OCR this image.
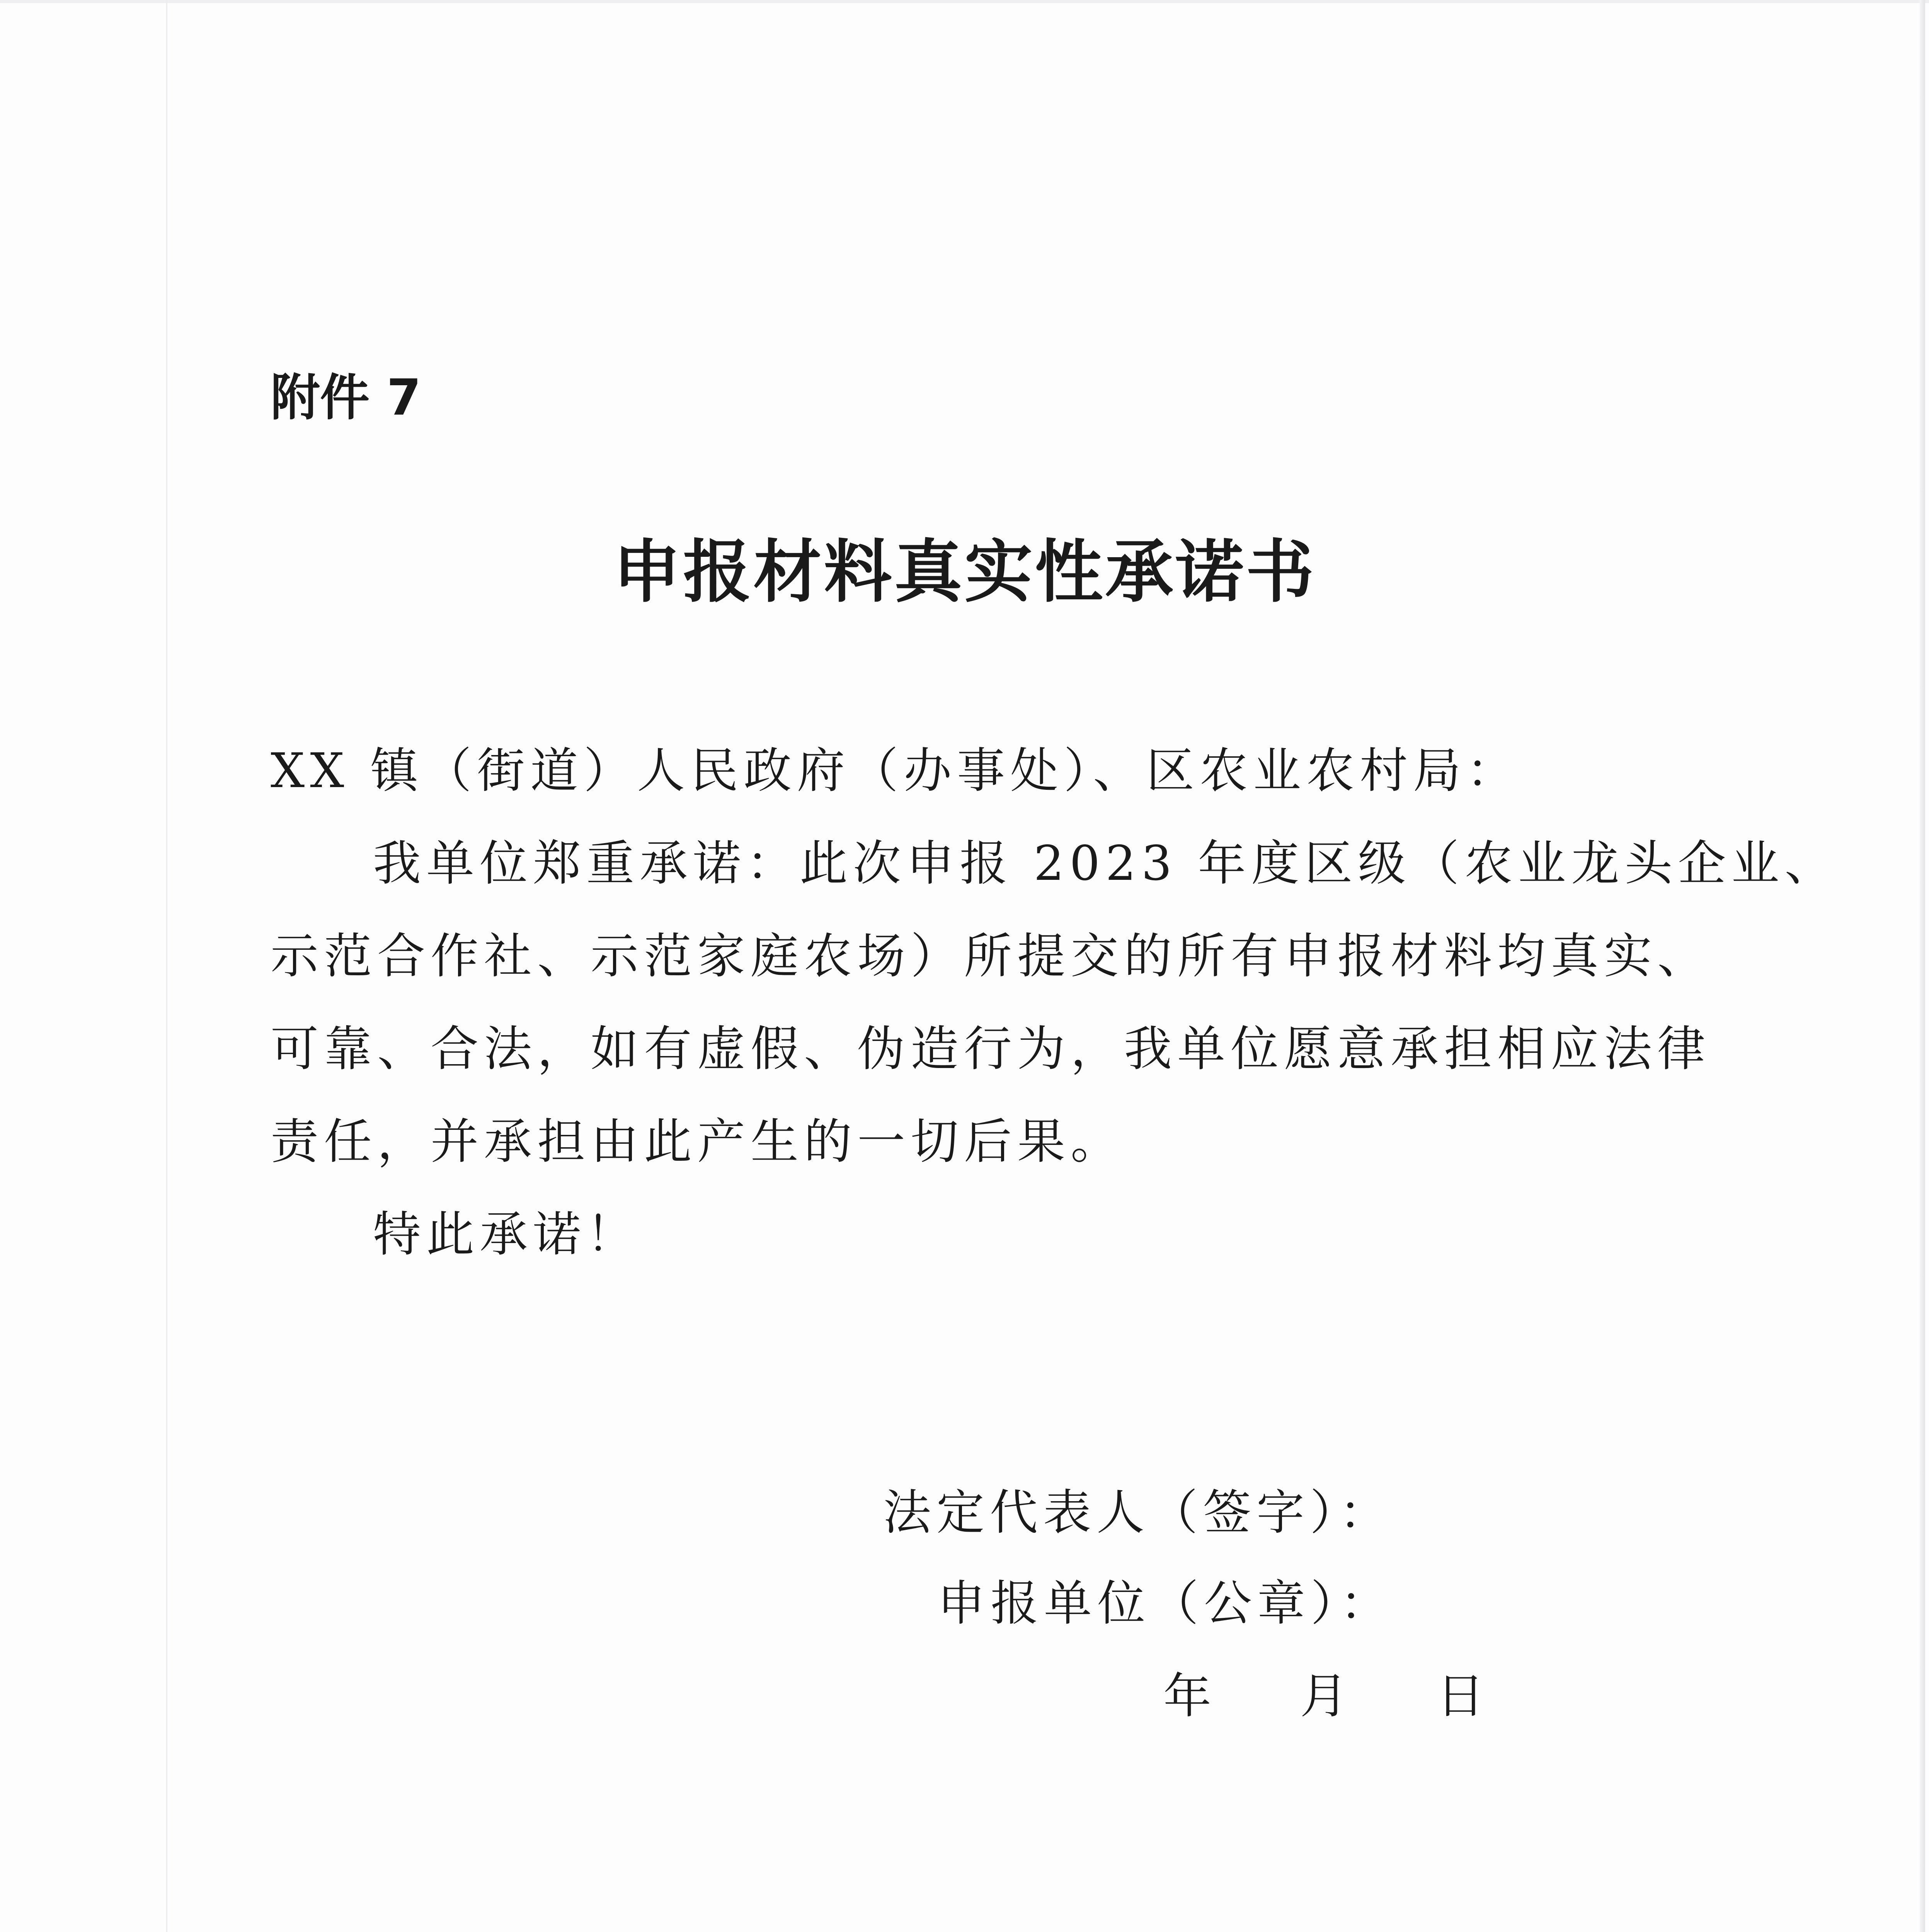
附件 7
申报材料真实性承诺书
XX 镇（街道）人民政府（办事处）、区农业农村局：
我单位郑重承诺：此次申报 2023 年度区级（农业龙头企业、
示范合作社、示范家庭农场）所提交的所有申报材料均真实、
可靠、合法，如有虚假、伪造行为，我单位愿意承担相应法律
责任，并承担由此产生的一切后果。
特此承诺！
法定代表人（签字）：
申报单位（公章）：
年 月 日
